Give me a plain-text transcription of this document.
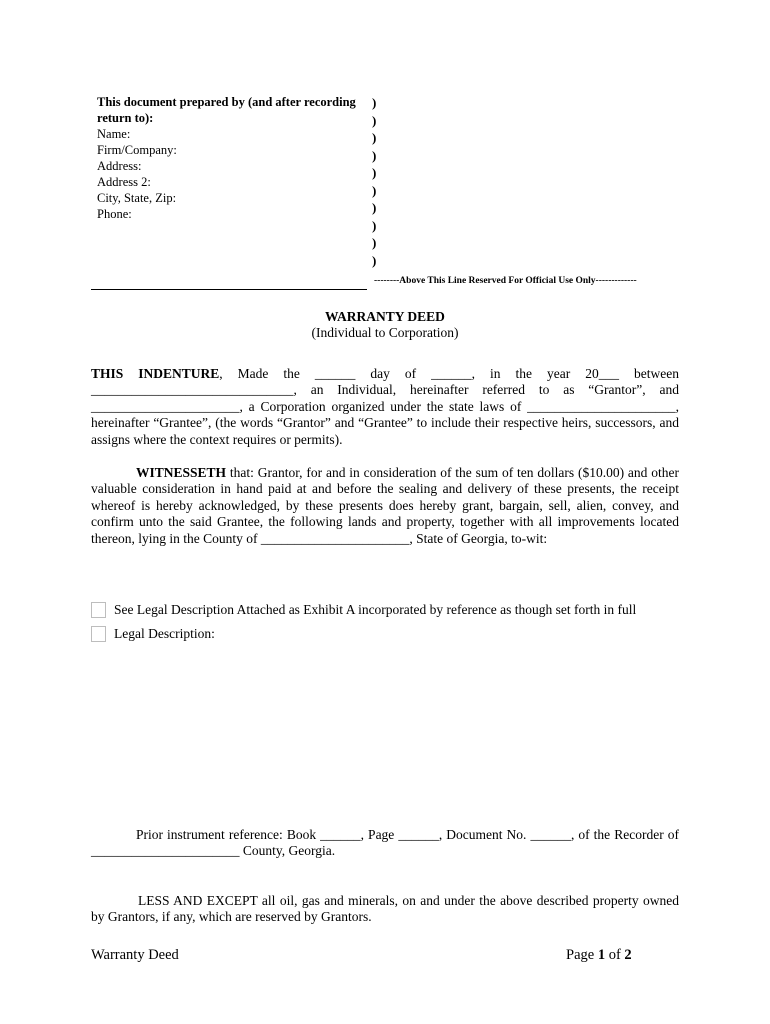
This document prepared by (and after recording
return to):
Name:
Firm/Company:
Address:
Address 2:
City, State, Zip:
Phone:
)
)
)
)
)
)
)
)
)
)
--------Above This Line Reserved For Official Use Only-------------
WARRANTY DEED
(Individual to Corporation)
THIS INDENTURE, Made the ______ day of ______, in the year 20___ between ______________________________, an Individual, hereinafter referred to as “Grantor”, and ______________________, a Corporation organized under the state laws of ______________________, hereinafter “Grantee”, (the words “Grantor” and “Grantee” to include their respective heirs, successors, and assigns where the context requires or permits).
WITNESSETH that: Grantor, for and in consideration of the sum of ten dollars ($10.00) and other valuable consideration in hand paid at and before the sealing and delivery of these presents, the receipt whereof is hereby acknowledged, by these presents does hereby grant, bargain, sell, alien, convey, and confirm unto the said Grantee, the following lands and property, together with all improvements located thereon, lying in the County of ______________________, State of Georgia, to-wit:
See Legal Description Attached as Exhibit A incorporated by reference as though set forth in full
Legal Description:
Prior instrument reference: Book ______, Page ______, Document No. ______, of the Recorder of ______________________ County, Georgia.
LESS AND EXCEPT all oil, gas and minerals, on and under the above described property owned by Grantors, if any, which are reserved by Grantors.
Warranty Deed	Page 1 of 2
